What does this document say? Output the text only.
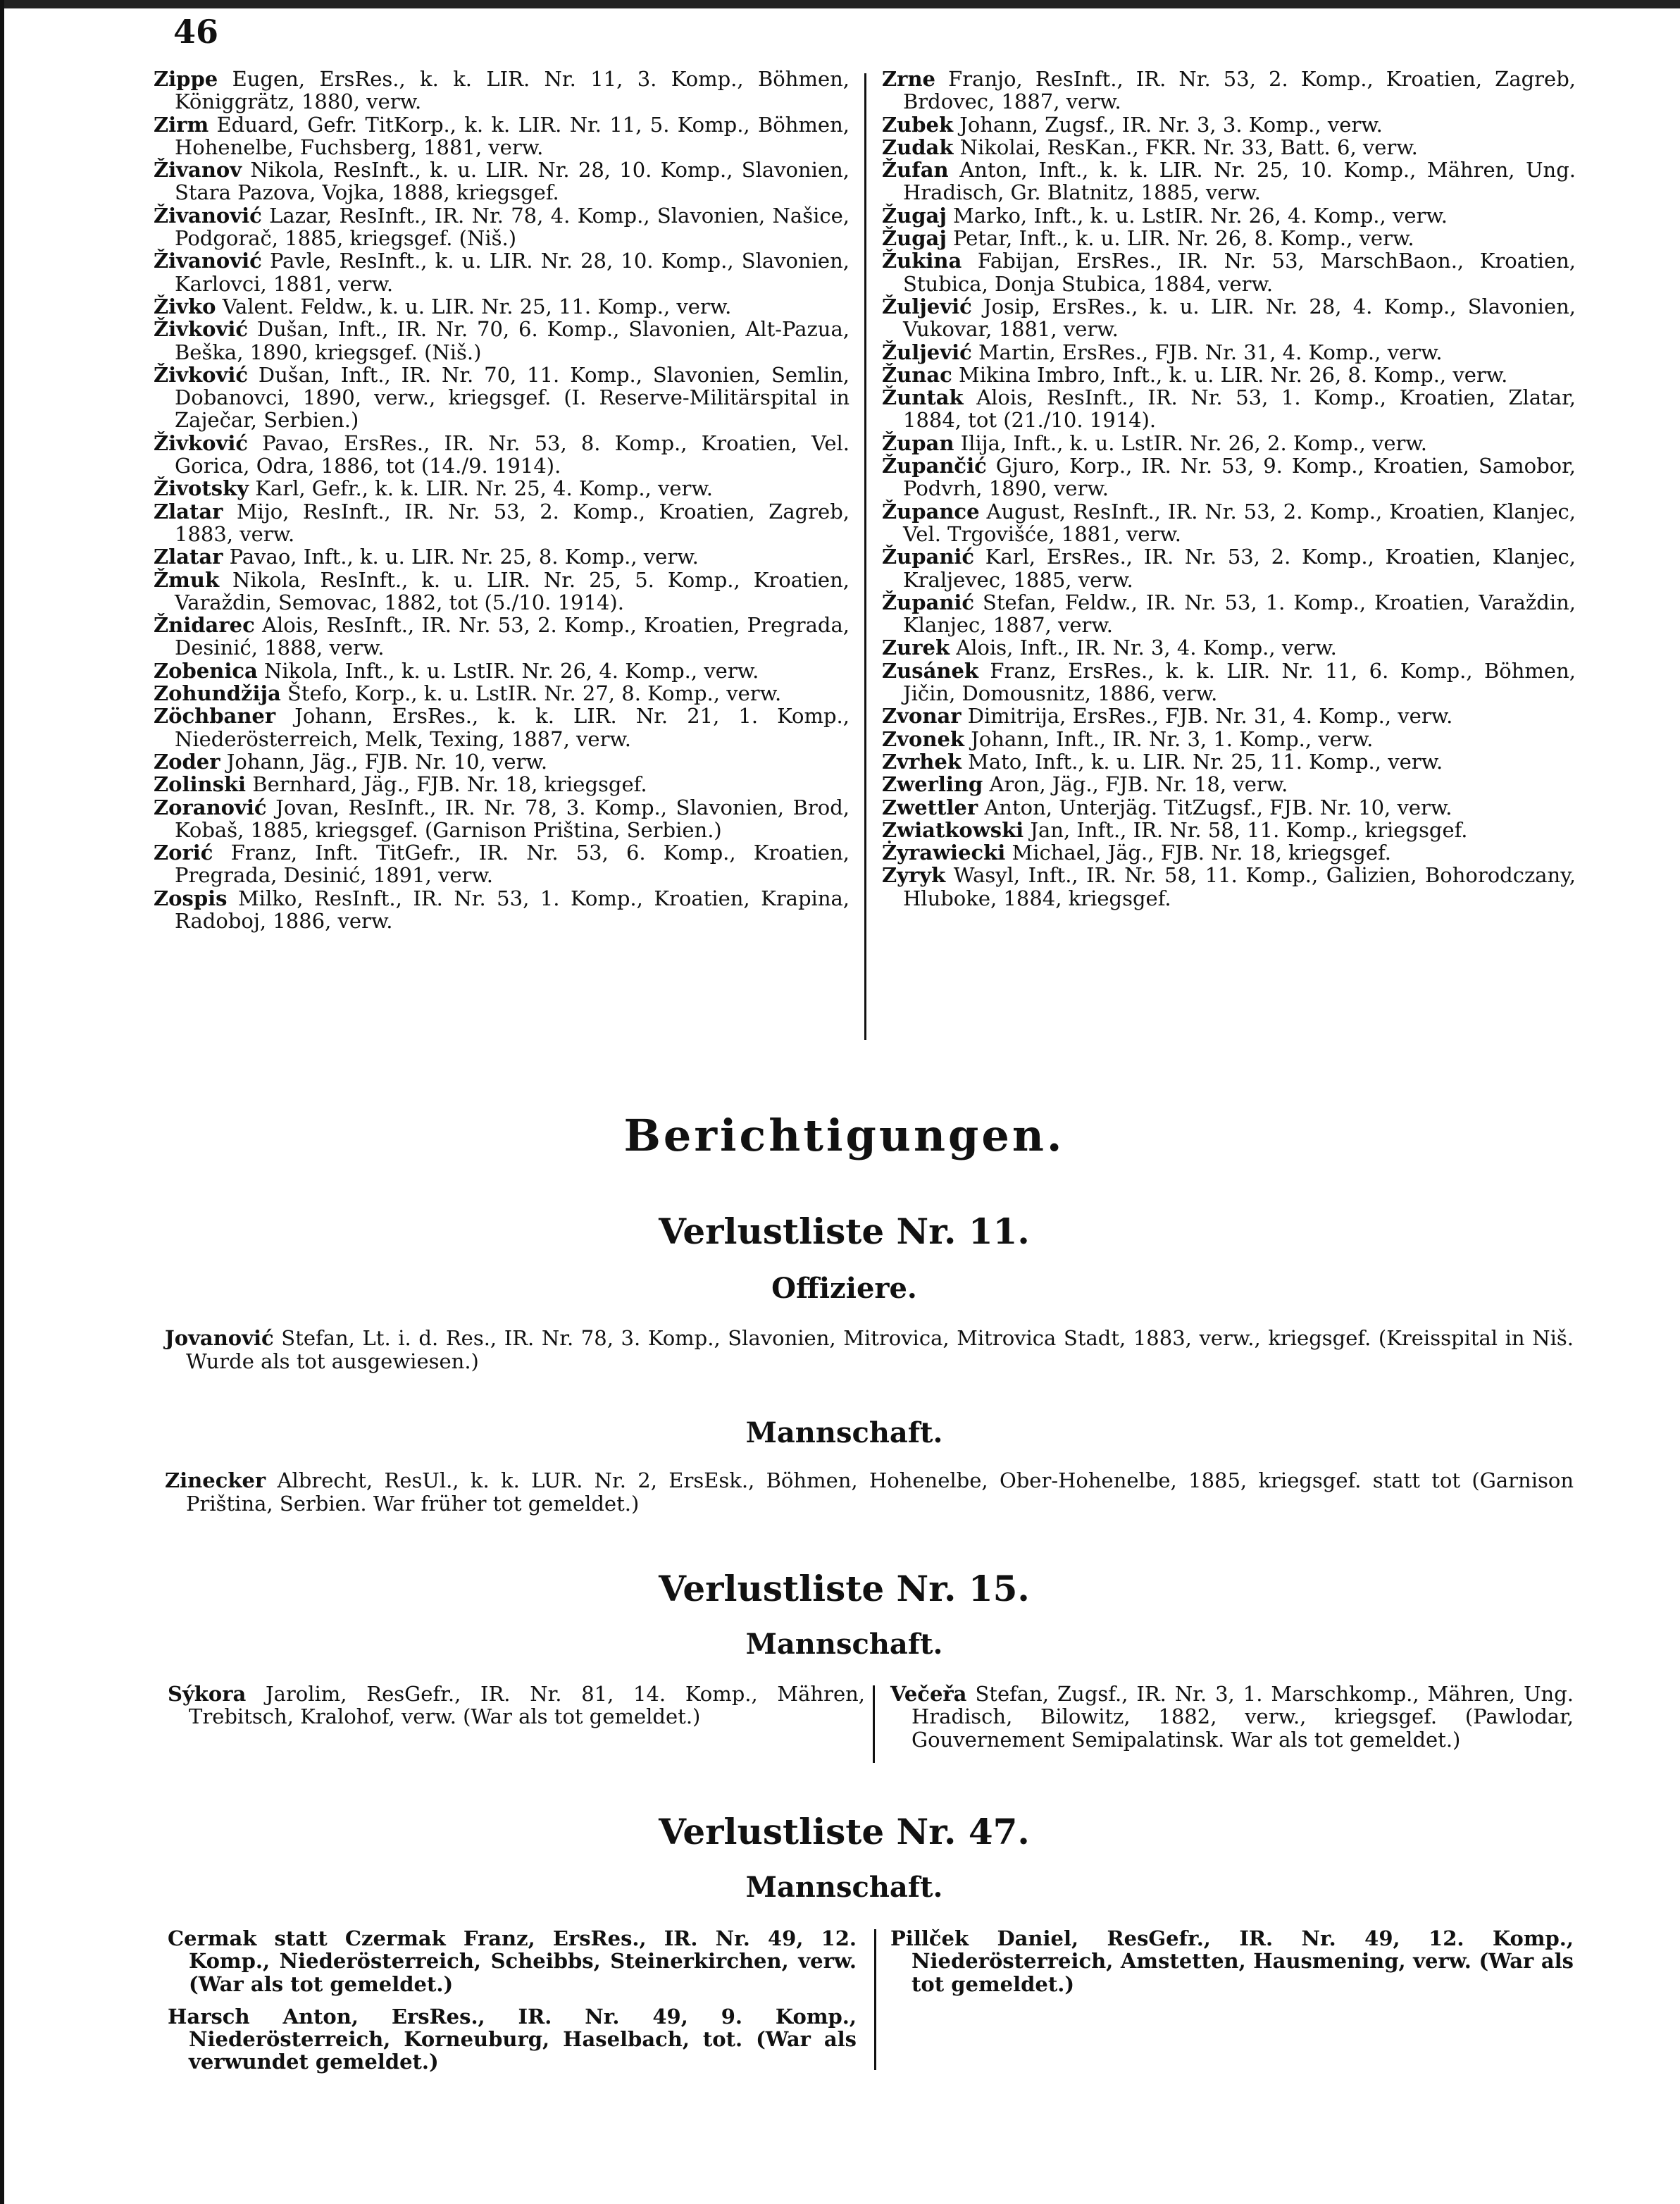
46

Zippe Eugen, ErsRes., k. k. LIR. Nr. 11, 3. Komp., Böhmen, Königgrätz, 1880, verw.

Zirm Eduard, Gefr. TitKorp., k. k. LIR. Nr. 11, 5. Komp., Böhmen, Hohenelbe, Fuchsberg, 1881, verw.

Živanov Nikola, ResInft., k. u. LIR. Nr. 28, 10. Komp., Slavonien, Stara Pazova, Vojka, 1888, kriegsgef.

Živanović Lazar, ResInft., IR. Nr. 78, 4. Komp., Slavonien, Našice, Podgorač, 1885, kriegsgef. (Niš.)

Živanović Pavle, ResInft., k. u. LIR. Nr. 28, 10. Komp., Slavonien, Karlovci, 1881, verw.

Živko Valent. Feldw., k. u. LIR. Nr. 25, 11. Komp., verw.

Živković Dušan, Inft., IR. Nr. 70, 6. Komp., Slavonien, Alt-Pazua, Beška, 1890, kriegsgef. (Niš.)

Živković Dušan, Inft., IR. Nr. 70, 11. Komp., Slavonien, Semlin, Dobanovci, 1890, verw., kriegsgef. (I. Reserve-Militärspital in Zaječar, Serbien.)

Živković Pavao, ErsRes., IR. Nr. 53, 8. Komp., Kroatien, Vel. Gorica, Odra, 1886, tot (14./9. 1914).

Životsky Karl, Gefr., k. k. LIR. Nr. 25, 4. Komp., verw.

Zlatar Mijo, ResInft., IR. Nr. 53, 2. Komp., Kroatien, Zagreb, 1883, verw.

Zlatar Pavao, Inft., k. u. LIR. Nr. 25, 8. Komp., verw.

Žmuk Nikola, ResInft., k. u. LIR. Nr. 25, 5. Komp., Kroatien, Varaždin, Semovac, 1882, tot (5./10. 1914).

Žnidarec Alois, ResInft., IR. Nr. 53, 2. Komp., Kroatien, Pregrada, Desinić, 1888, verw.

Zobenica Nikola, Inft., k. u. LstIR. Nr. 26, 4. Komp., verw.

Zohundžija Štefo, Korp., k. u. LstIR. Nr. 27, 8. Komp., verw.

Zöchbaner Johann, ErsRes., k. k. LIR. Nr. 21, 1. Komp., Niederösterreich, Melk, Texing, 1887, verw.

Zoder Johann, Jäg., FJB. Nr. 10, verw.

Zolinski Bernhard, Jäg., FJB. Nr. 18, kriegsgef.

Zoranović Jovan, ResInft., IR. Nr. 78, 3. Komp., Slavonien, Brod, Kobaš, 1885, kriegsgef. (Garnison Priština, Serbien.)

Zorić Franz, Inft. TitGefr., IR. Nr. 53, 6. Komp., Kroatien, Pregrada, Desinić, 1891, verw.

Zospis Milko, ResInft., IR. Nr. 53, 1. Komp., Kroatien, Krapina, Radoboj, 1886, verw.

Zrne Franjo, ResInft., IR. Nr. 53, 2. Komp., Kroatien, Zagreb, Brdovec, 1887, verw.

Zubek Johann, Zugsf., IR. Nr. 3, 3. Komp., verw.

Zudak Nikolai, ResKan., FKR. Nr. 33, Batt. 6, verw.

Žufan Anton, Inft., k. k. LIR. Nr. 25, 10. Komp., Mähren, Ung. Hradisch, Gr. Blatnitz, 1885, verw.

Žugaj Marko, Inft., k. u. LstIR. Nr. 26, 4. Komp., verw.

Žugaj Petar, Inft., k. u. LIR. Nr. 26, 8. Komp., verw.

Žukina Fabijan, ErsRes., IR. Nr. 53, MarschBaon., Kroatien, Stubica, Donja Stubica, 1884, verw.

Žuljević Josip, ErsRes., k. u. LIR. Nr. 28, 4. Komp., Slavonien, Vukovar, 1881, verw.

Žuljević Martin, ErsRes., FJB. Nr. 31, 4. Komp., verw.

Žunac Mikina Imbro, Inft., k. u. LIR. Nr. 26, 8. Komp., verw.

Žuntak Alois, ResInft., IR. Nr. 53, 1. Komp., Kroatien, Zlatar, 1884, tot (21./10. 1914).

Župan Ilija, Inft., k. u. LstIR. Nr. 26, 2. Komp., verw.

Župančić Gjuro, Korp., IR. Nr. 53, 9. Komp., Kroatien, Samobor, Podvrh, 1890, verw.

Župance August, ResInft., IR. Nr. 53, 2. Komp., Kroatien, Klanjec, Vel. Trgovišće, 1881, verw.

Županić Karl, ErsRes., IR. Nr. 53, 2. Komp., Kroatien, Klanjec, Kraljevec, 1885, verw.

Županić Stefan, Feldw., IR. Nr. 53, 1. Komp., Kroatien, Varaždin, Klanjec, 1887, verw.

Zurek Alois, Inft., IR. Nr. 3, 4. Komp., verw.

Zusánek Franz, ErsRes., k. k. LIR. Nr. 11, 6. Komp., Böhmen, Jičin, Domousnitz, 1886, verw.

Zvonar Dimitrija, ErsRes., FJB. Nr. 31, 4. Komp., verw.

Zvonek Johann, Inft., IR. Nr. 3, 1. Komp., verw.

Zvrhek Mato, Inft., k. u. LIR. Nr. 25, 11. Komp., verw.

Zwerling Aron, Jäg., FJB. Nr. 18, verw.

Zwettler Anton, Unterjäg. TitZugsf., FJB. Nr. 10, verw.

Zwiatkowski Jan, Inft., IR. Nr. 58, 11. Komp., kriegsgef.

Żyrawiecki Michael, Jäg., FJB. Nr. 18, kriegsgef.

Zyryk Wasyl, Inft., IR. Nr. 58, 11. Komp., Galizien, Bohorodczany, Hluboke, 1884, kriegsgef.

Berichtigungen.
Verlustliste Nr. 11.
Offiziere.

Jovanović Stefan, Lt. i. d. Res., IR. Nr. 78, 3. Komp., Slavonien, Mitrovica, Mitrovica Stadt, 1883, verw., kriegsgef. (Kreisspital in Niš. Wurde als tot ausgewiesen.)

Mannschaft.

Zinecker Albrecht, ResUl., k. k. LUR. Nr. 2, ErsEsk., Böhmen, Hohenelbe, Ober-Hohenelbe, 1885, kriegsgef. statt tot (Garnison Priština, Serbien. War früher tot gemeldet.)

Verlustliste Nr. 15.
Mannschaft.

Sýkora Jarolim, ResGefr., IR. Nr. 81, 14. Komp., Mähren, Trebitsch, Kralohof, verw. (War als tot gemeldet.)

Večeřa Stefan, Zugsf., IR. Nr. 3, 1. Marschkomp., Mähren, Ung. Hradisch, Bilowitz, 1882, verw., kriegsgef. (Pawlodar, Gouvernement Semipalatinsk. War als tot gemeldet.)

Verlustliste Nr. 47.
Mannschaft.

Cermak statt Czermak Franz, ErsRes., IR. Nr. 49, 12. Komp., Niederösterreich, Scheibbs, Steinerkirchen, verw. (War als tot gemeldet.)

Harsch Anton, ErsRes., IR. Nr. 49, 9. Komp., Niederösterreich, Korneuburg, Haselbach, tot. (War als verwundet gemeldet.)

Pillček Daniel, ResGefr., IR. Nr. 49, 12. Komp., Niederösterreich, Amstetten, Hausmening, verw. (War als tot gemeldet.)
